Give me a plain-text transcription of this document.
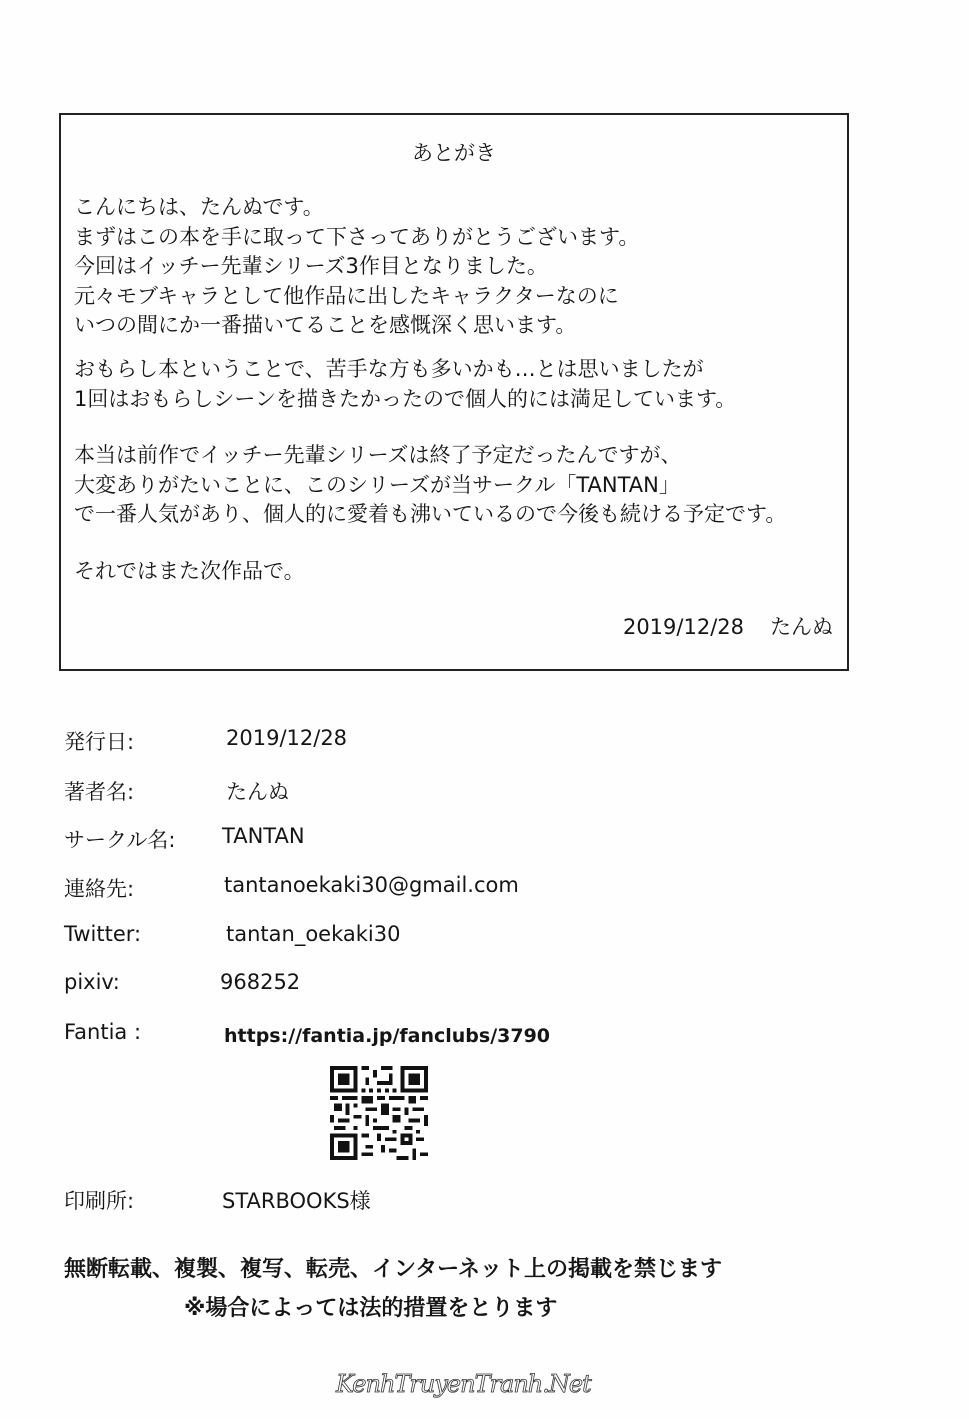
あとがき
こんにちは、たんぬです。
まずはこの本を手に取って下さってありがとうございます。
今回はイッチー先輩シリーズ3作目となりました。
元々モブキャラとして他作品に出したキャラクターなのに
いつの間にか一番描いてることを感慨深く思います。
おもらし本ということで、苦手な方も多いかも…とは思いましたが
1回はおもらしシーンを描きたかったので個人的には満足しています。
本当は前作でイッチー先輩シリーズは終了予定だったんですが、
大変ありがたいことに、このシリーズが当サークル「TANTAN」
で一番人気があり、個人的に愛着も沸いているので今後も続ける予定です。
それではまた次作品で。
2019/12/28 たんぬ
発行日:	2019/12/28
著者名:	たんぬ
サークル名: TANTAN
連絡先:	tantanoekaki30@gmail.com
Twitter:	tantan_oekaki30
pixiv:	968252
Fantia :	https://fantia.jp/fanclubs/3790
印刷所:	STARBOOKS様
無断転載、複製、複写、転売、インターネット上の掲載を禁じます
※場合によっては法的措置をとります
KenhTruyenTranh.Net
